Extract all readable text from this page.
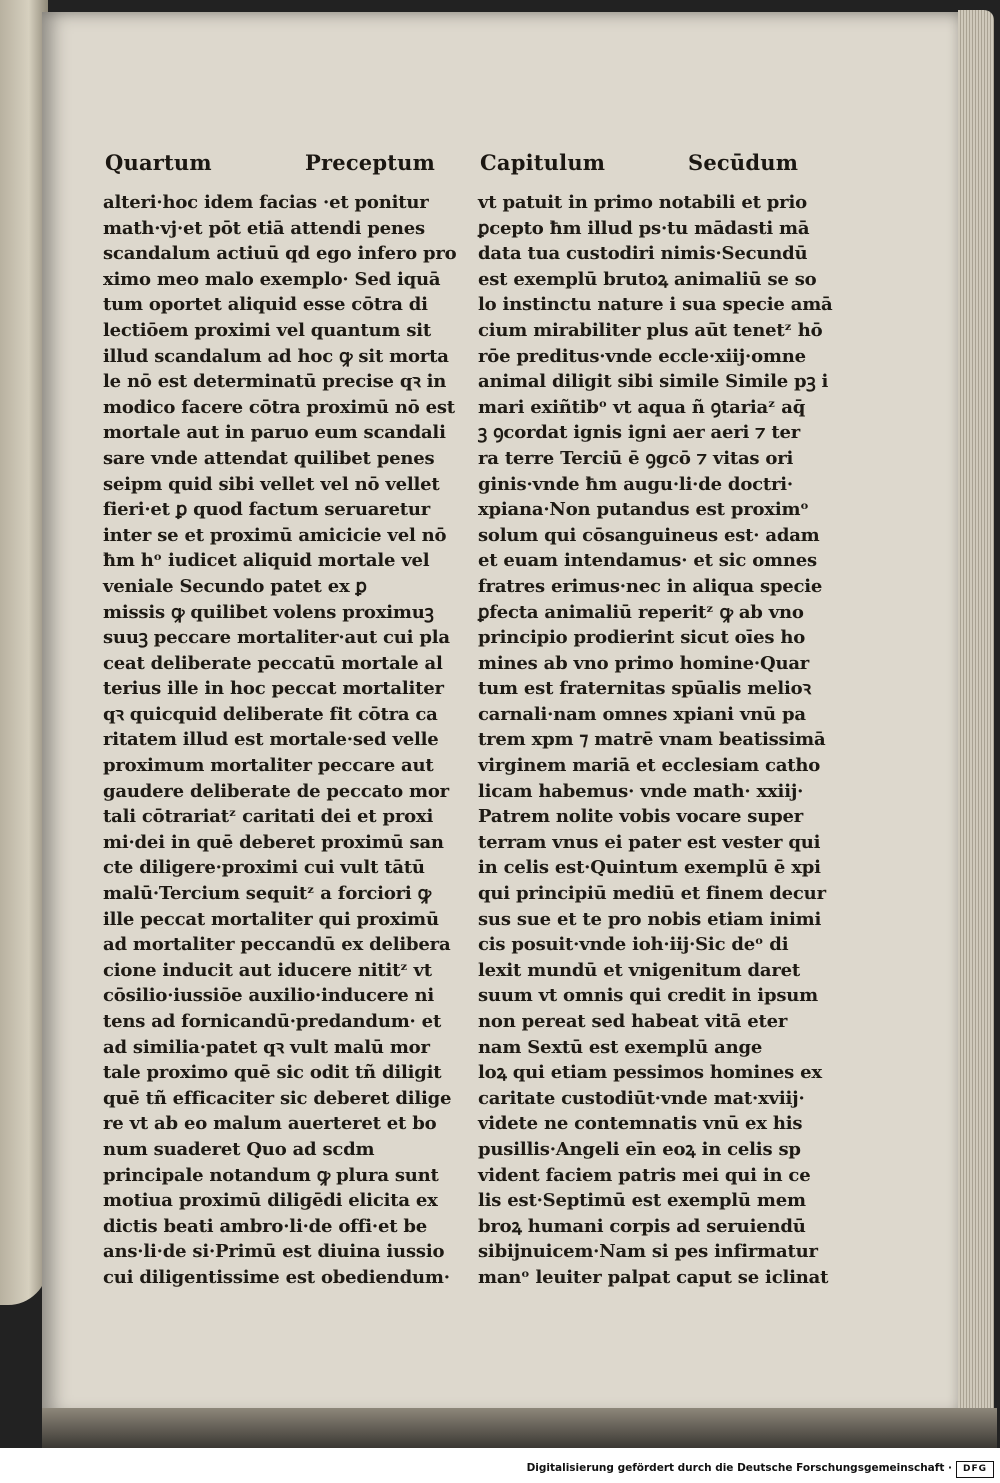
Quartum	Preceptum Capitulum	Secūdum
alteri·hoc idem facias ·et ponitur
math·vj·et pōt etiā attendi penes
scandalum actiuū qd ego infero pro
ximo meo malo exemplo· Sed iquā
tum oportet aliquid esse cōtra di
lectiōem proximi vel quantum sit
illud scandalum ad hoc ꝙ sit morta
le nō est determinatū precise qꝛ in
modico facere cōtra proximū nō est
mortale aut in paruo eum scandali
sare vnde attendat quilibet penes
seipm quid sibi vellet vel nō vellet
fieri·et ꝑ quod factum seruaretur
inter se et proximū amicicie vel nō
ħm hᵒ iudicet aliquid mortale vel
veniale Secundo patet ex ꝑ
missis ꝙ quilibet volens proximuꝫ
suuꝫ peccare mortaliter·aut cui pla
ceat deliberate peccatū mortale al
terius ille in hoc peccat mortaliter
qꝛ quicquid deliberate fit cōtra ca
ritatem illud est mortale·sed velle
proximum mortaliter peccare aut
gaudere deliberate de peccato mor
tali cōtrariatᶻ caritati dei et proxi
mi·dei in quē deberet proximū san
cte diligere·proximi cui vult tātū
malū·Tercium sequitᶻ a forciori ꝙ
ille peccat mortaliter qui proximū
ad mortaliter peccandū ex delibera
cione inducit aut iducere nititᶻ vt
cōsilio·iussiōe auxilio·inducere ni
tens ad fornicandū·predandum· et
ad similia·patet qꝛ vult malū mor
tale proximo quē sic odit tñ diligit
quē tñ efficaciter sic deberet dilige
re vt ab eo malum auerteret et bo
num suaderet Quo ad scdm
principale notandum ꝙ plura sunt
motiua proximū diligēdi elicita ex
dictis beati ambro·li·de offi·et be
ans·li·de si·Primū est diuina iussio
cui diligentissime est obediendum·
vt patuit in primo notabili et prio
ꝑcepto ħm illud ps·tu mādasti mā
data tua custodiri nimis·Secundū
est exemplū brutoꝝ animaliū se so
lo instinctu nature i sua specie amā
cium mirabiliter plus aūt tenetᶻ hō
rōe preditus·vnde eccle·xiij·omne
animal diligit sibi simile Simile pꝫ i
mari exiñtibᵒ vt aqua ñ ꝯtariaᶻ aq̄
ꝫ ꝯcordat ignis igni aer aeri ⁊ ter
ra terre Terciū ē ꝯgcō ⁊ vitas ori
ginis·vnde ħm augu·li·de doctri·
xpiana·Non putandus est proximᵒ
solum qui cōsanguineus est· adam
et euam intendamus· et sic omnes
fratres erimus·nec in aliqua specie
ꝑfecta animaliū reperitᶻ ꝙ ab vno
principio prodierint sicut oīes ho
mines ab vno primo homine·Quar
tum est fraternitas spūalis melioꝛ
carnali·nam omnes xpiani vnū pa
trem xpm ⁊ matrē vnam beatissimā
virginem mariā et ecclesiam catho
licam habemus· vnde math· xxiij·
Patrem nolite vobis vocare super
terram vnus ei pater est vester qui
in celis est·Quintum exemplū ē xpi
qui principiū mediū et finem decur
sus sue et te pro nobis etiam inimi
cis posuit·vnde ioh·iij·Sic deᵒ di
lexit mundū et vnigenitum daret
suum vt omnis qui credit in ipsum
non pereat sed habeat vitā eter
nam Sextū est exemplū ange
loꝝ qui etiam pessimos homines ex
caritate custodiūt·vnde mat·xviij·
videte ne contemnatis vnū ex his
pusillis·Angeli eīn eoꝝ in celis sp
vident faciem patris mei qui in ce
lis est·Septimū est exemplū mem
broꝝ humani corpis ad seruiendū
sibijnuicem·Nam si pes infirmatur
manᵒ leuiter palpat caput se iclinat
Digitalisierung gefördert durch die Deutsche Forschungsgemeinschaft ·	DFG
